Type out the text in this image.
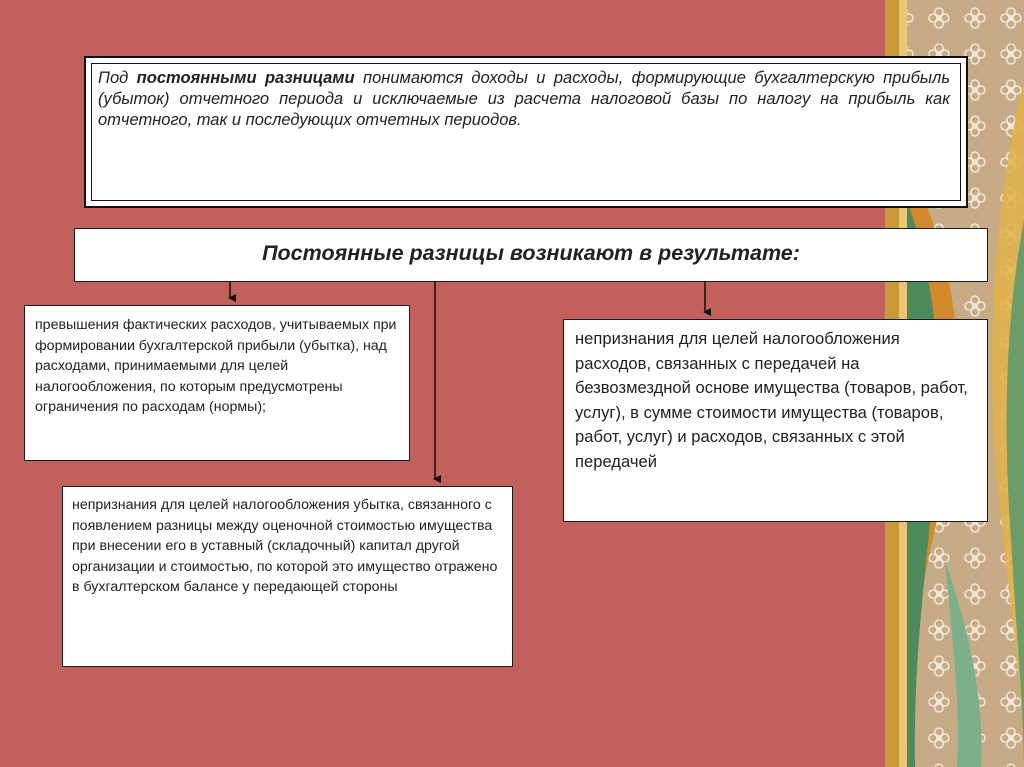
Под постоянными разницами понимаются доходы и расходы, формирующие бухгалтерскую прибыль (убыток) отчетного периода и исключаемые из расчета налоговой базы по налогу на прибыль как отчетного, так и последующих отчетных периодов.
Постоянные разницы возникают в результате:
превышения фактических расходов, учитываемых при формировании бухгалтерской прибыли (убытка), над расходами, принимаемыми для целей налогообложения, по которым предусмотрены ограничения по расходам (нормы);
непризнания для целей налогообложения убытка, связанного с появлением разницы между оценочной стоимостью имущества при внесении его в уставный (складочный) капитал другой организации и стоимостью, по которой это имущество отражено в бухгалтерском балансе у передающей стороны
непризнания для целей налогообложения расходов, связанных с передачей на безвозмездной основе имущества (товаров, работ, услуг), в сумме стоимости имущества (товаров, работ, услуг) и расходов, связанных с этой передачей
